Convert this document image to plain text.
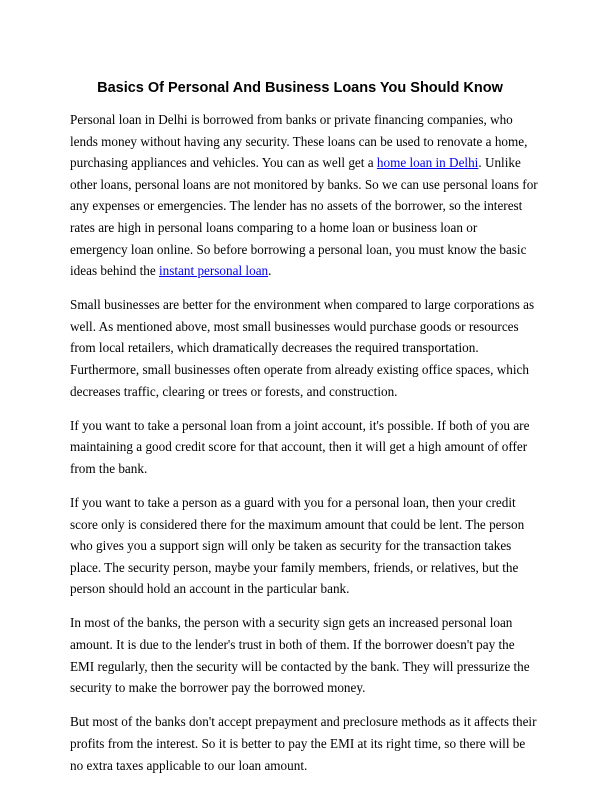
Basics Of Personal And Business Loans You Should Know

Personal loan in Delhi is borrowed from banks or private financing companies, who lends money without having any security. These loans can be used to renovate a home, purchasing appliances and vehicles. You can as well get a home loan in Delhi. Unlike other loans, personal loans are not monitored by banks. So we can use personal loans for any expenses or emergencies. The lender has no assets of the borrower, so the interest rates are high in personal loans comparing to a home loan or business loan or emergency loan online. So before borrowing a personal loan, you must know the basic ideas behind the instant personal loan.

Small businesses are better for the environment when compared to large corporations as well. As mentioned above, most small businesses would purchase goods or resources from local retailers, which dramatically decreases the required transportation. Furthermore, small businesses often operate from already existing office spaces, which decreases traffic, clearing or trees or forests, and construction.

If you want to take a personal loan from a joint account, it's possible. If both of you are maintaining a good credit score for that account, then it will get a high amount of offer from the bank.

If you want to take a person as a guard with you for a personal loan, then your credit score only is considered there for the maximum amount that could be lent. The person who gives you a support sign will only be taken as security for the transaction takes place. The security person, maybe your family members, friends, or relatives, but the person should hold an account in the particular bank.

In most of the banks, the person with a security sign gets an increased personal loan amount. It is due to the lender's trust in both of them. If the borrower doesn't pay the EMI regularly, then the security will be contacted by the bank. They will pressurize the security to make the borrower pay the borrowed money.

But most of the banks don't accept prepayment and preclosure methods as it affects their profits from the interest. So it is better to pay the EMI at its right time, so there will be no extra taxes applicable to our loan amount.
